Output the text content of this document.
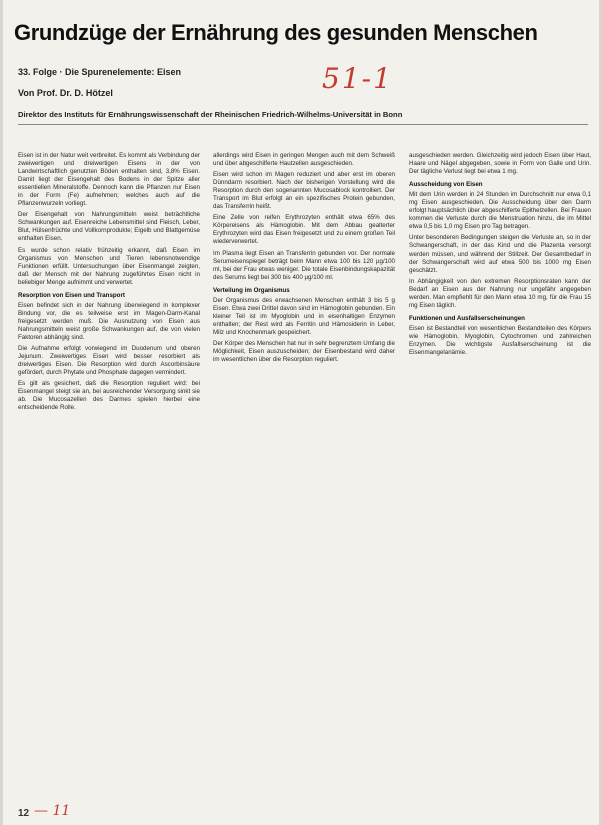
Grundzüge der Ernährung des gesunden Menschen
33. Folge · Die Spurenelemente: Eisen
Von Prof. Dr. D. Hötzel
Direktor des Instituts für Ernährungswissenschaft der Rheinischen Friedrich-Wilhelms-Universität in Bonn
51-1

Eisen ist in der Natur weit verbreitet. Es kommt als Verbindung der zweiwertigen und dreiwertigen Eisens in der von Landwirtschaftlich genutzten Böden enthalten sind, 3,8% Eisen. Damit liegt der Eisengehalt des Bodens in der Spitze aller essentiellen Mineralstoffe. Dennoch kann die Pflanzen nur Eisen in der Form (Fe) aufnehmen; welches auch auf die Pflanzenwurzeln vorliegt.

Der Eisengehalt von Nahrungsmitteln weist beträchtliche Schwankungen auf. Eisenreiche Lebensmittel sind Fleisch, Leber, Blut, Hülsenfrüchte und Vollkornprodukte; Eigelb und Blattgemüse enthalten Eisen.

Es wurde schon relativ frühzeitig erkannt, daß Eisen im Organismus von Menschen und Tieren lebensnotwendige Funktionen erfüllt. Untersuchungen über Eisenmangel zeigten, daß der Mensch mit der Nahrung zugeführtes Eisen nicht in beliebiger Menge aufnimmt und verwertet.

Resorption von Eisen und Transport

Eisen befindet sich in der Nahrung überwiegend in komplexer Bindung vor, die es teilweise erst im Magen-Darm-Kanal freigesetzt werden muß. Die Ausnutzung von Eisen aus Nahrungsmitteln weist große Schwankungen auf, die von vielen Faktoren abhängig sind.

Die Aufnahme erfolgt vorwiegend im Duodenum und oberen Jejunum. Zweiwertiges Eisen wird besser resorbiert als dreiwertiges Eisen. Die Resorption wird durch Ascorbinsäure gefördert, durch Phytate und Phosphate dagegen vermindert.

Es gilt als gesichert, daß die Resorption reguliert wird: bei Eisenmangel steigt sie an, bei ausreichender Versorgung sinkt sie ab. Die Mucosazellen des Darmes spielen hierbei eine entscheidende Rolle.

allerdings wird Eisen in geringen Mengen auch mit dem Schweiß und über abgeschilferte Hautzellen ausgeschieden.

Eisen wird schon im Magen reduziert und aber erst im oberen Dünndarm resorbiert. Nach der bisherigen Vorstellung wird die Resorption durch den sogenannten Mucosablock kontrolliert. Der Transport im Blut erfolgt an ein spezifisches Protein gebunden, das Transferrin heißt.

Eine Zelle von reifen Erythrozyten enthält etwa 65% des Körpereisens als Hämoglobin. Mit dem Abbau gealterter Erythrozyten wird das Eisen freigesetzt und zu einem großen Teil wiederverwertet.

Im Plasma liegt Eisen an Transferrin gebunden vor. Der normale Serumeisenspiegel beträgt beim Mann etwa 100 bis 120 µg/100 ml, bei der Frau etwas weniger. Die totale Eisenbindungskapazität des Serums liegt bei 300 bis 400 µg/100 ml.

Verteilung im Organismus

Der Organismus des erwachsenen Menschen enthält 3 bis 5 g Eisen. Etwa zwei Drittel davon sind im Hämoglobin gebunden. Ein kleiner Teil ist im Myoglobin und in eisenhaltigen Enzymen enthalten; der Rest wird als Ferritin und Hämosiderin in Leber, Milz und Knochenmark gespeichert.

Der Körper des Menschen hat nur in sehr begrenztem Umfang die Möglichkeit, Eisen auszuscheiden; der Eisenbestand wird daher im wesentlichen über die Resorption reguliert.

ausgeschieden werden. Gleichzeitig wird jedoch Eisen über Haut, Haare und Nägel abgegeben, sowie in Form von Galle und Urin. Der tägliche Verlust liegt bei etwa 1 mg.

Ausscheidung von Eisen

Mit dem Urin werden in 24 Stunden im Durchschnitt nur etwa 0,1 mg Eisen ausgeschieden. Die Ausscheidung über den Darm erfolgt hauptsächlich über abgeschilferte Epithelzellen. Bei Frauen kommen die Verluste durch die Menstruation hinzu, die im Mittel etwa 0,5 bis 1,0 mg Eisen pro Tag betragen.

Unter besonderen Bedingungen steigen die Verluste an, so in der Schwangerschaft, in der das Kind und die Plazenta versorgt werden müssen, und während der Stillzeit. Der Gesamtbedarf in der Schwangerschaft wird auf etwa 500 bis 1000 mg Eisen geschätzt.

In Abhängigkeit von den extremen Resorptionsraten kann der Bedarf an Eisen aus der Nahrung nur ungefähr angegeben werden. Man empfiehlt für den Mann etwa 10 mg, für die Frau 15 mg Eisen täglich.

Funktionen und Ausfallserscheinungen

Eisen ist Bestandteil von wesentlichen Bestandteilen des Körpers wie Hämoglobin, Myoglobin, Cytochromen und zahlreichen Enzymen. Die wichtigste Ausfallserscheinung ist die Eisenmangelanämie.

12 — 11
